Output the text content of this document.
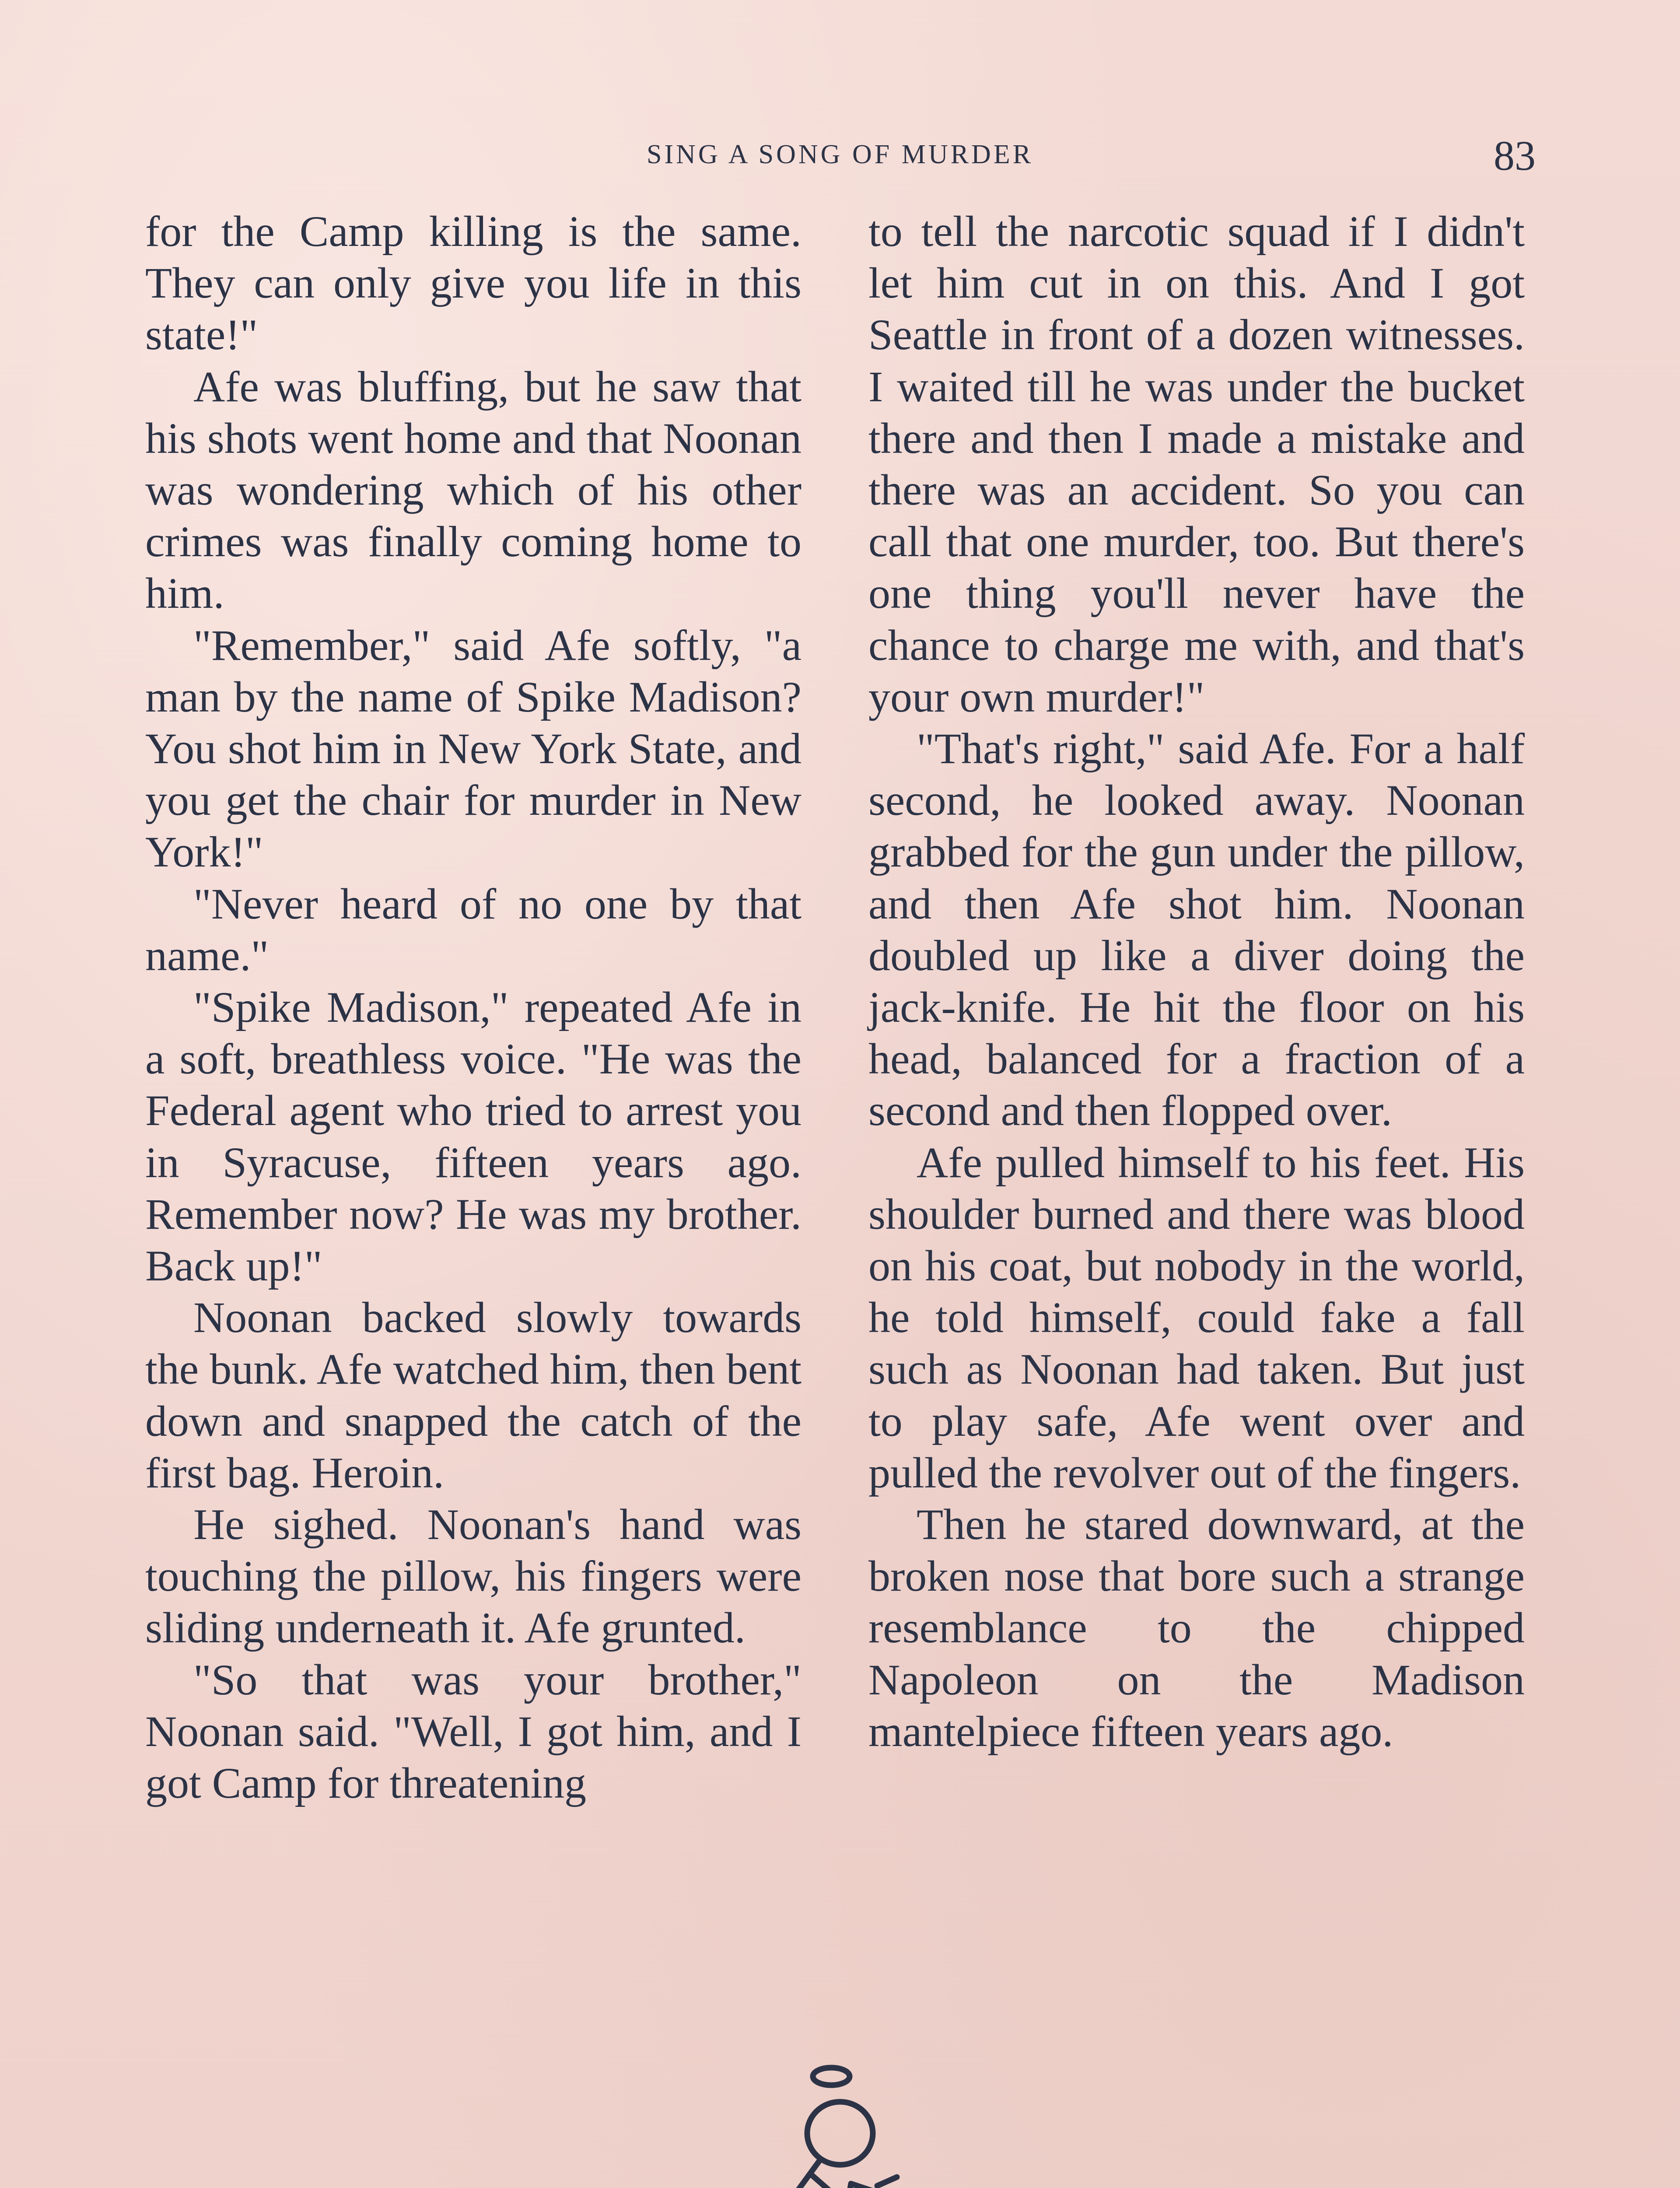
SING A SONG OF MURDER	83

for the Camp killing is the same. They can only give you life in this state!"

Afe was bluffing, but he saw that his shots went home and that Noonan was wondering which of his other crimes was finally coming home to him.

"Remember," said Afe softly, "a man by the name of Spike Madison? You shot him in New York State, and you get the chair for murder in New York!"

"Never heard of no one by that name."

"Spike Madison," repeated Afe in a soft, breathless voice. "He was the Federal agent who tried to arrest you in Syracuse, fifteen years ago. Remember now? He was my brother. Back up!"

Noonan backed slowly towards the bunk. Afe watched him, then bent down and snapped the catch of the first bag. Heroin.

He sighed. Noonan's hand was touching the pillow, his fingers were sliding underneath it. Afe grunted.

"So that was your brother," Noonan said. "Well, I got him, and I got Camp for threatening

to tell the narcotic squad if I didn't let him cut in on this. And I got Seattle in front of a dozen witnesses. I waited till he was under the bucket there and then I made a mistake and there was an accident. So you can call that one murder, too. But there's one thing you'll never have the chance to charge me with, and that's your own murder!"

"That's right," said Afe. For a half second, he looked away. Noonan grabbed for the gun under the pillow, and then Afe shot him. Noonan doubled up like a diver doing the jack-knife. He hit the floor on his head, balanced for a fraction of a second and then flopped over.

Afe pulled himself to his feet. His shoulder burned and there was blood on his coat, but nobody in the world, he told himself, could fake a fall such as Noonan had taken. But just to play safe, Afe went over and pulled the revolver out of the fingers.

Then he stared downward, at the broken nose that bore such a strange resemblance to the chipped Napoleon on the Madison mantelpiece fifteen years ago.
